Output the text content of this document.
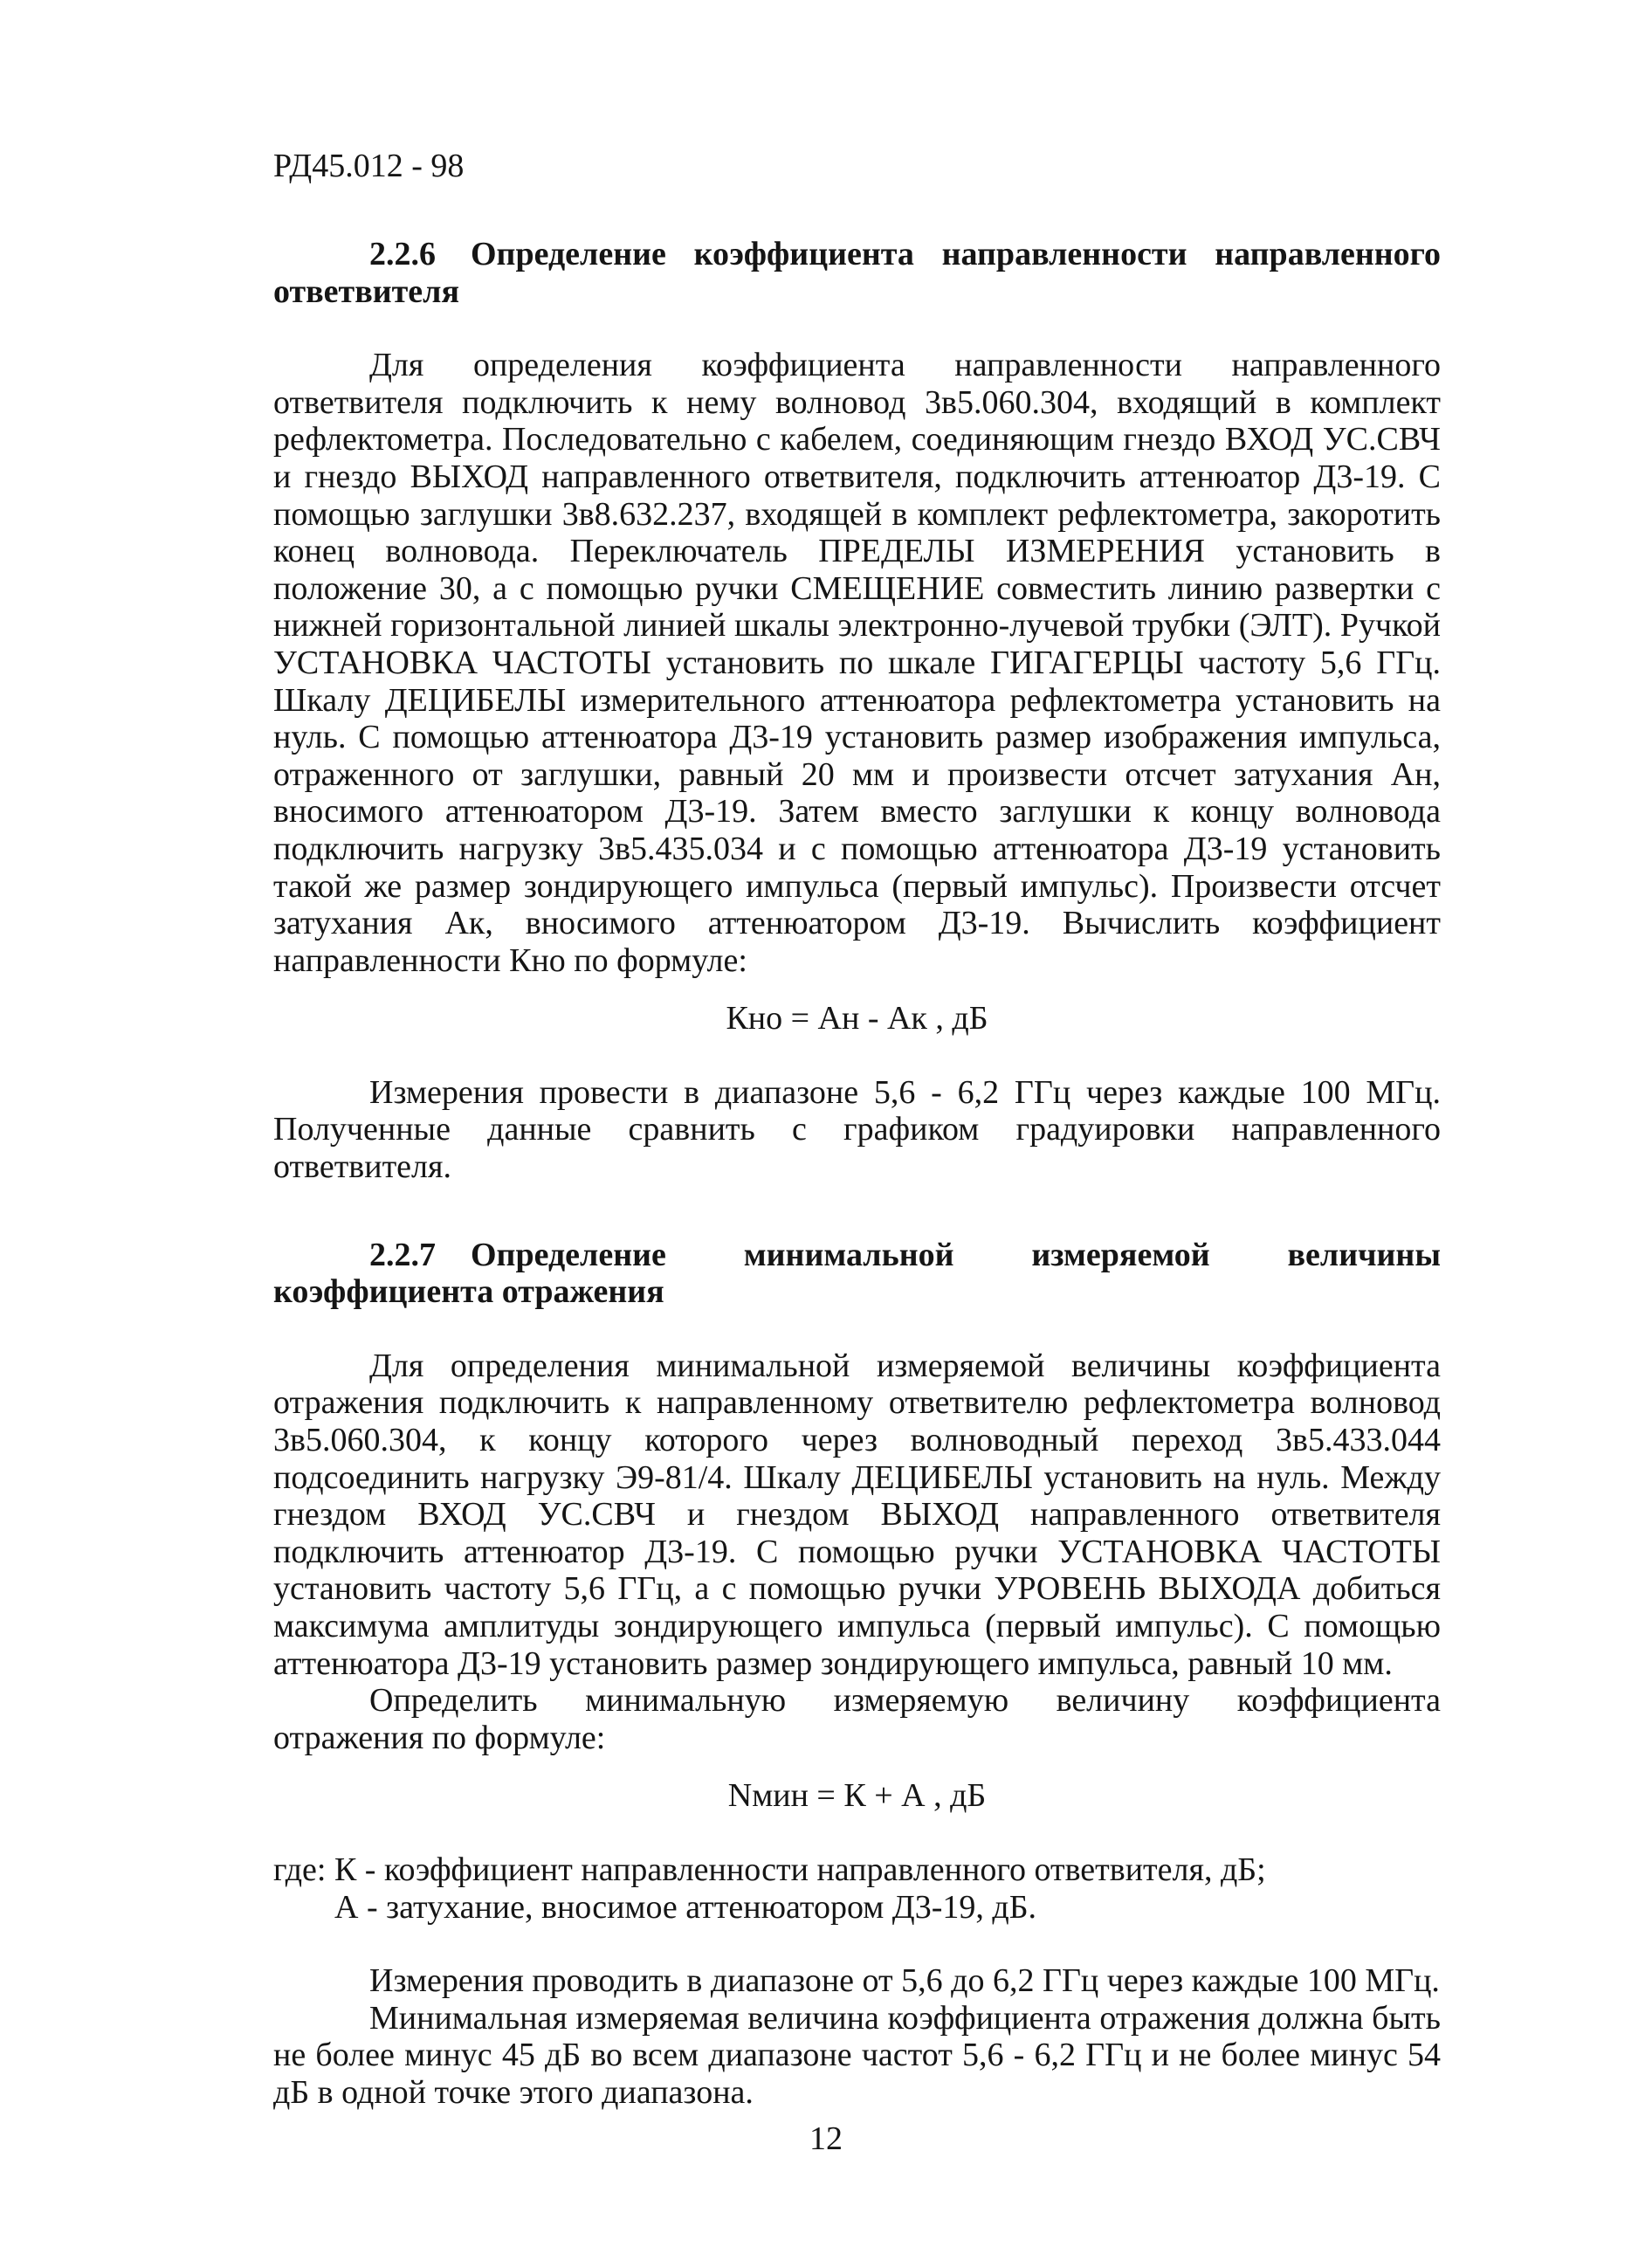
РД45.012 - 98

2.2.6 Определение коэффициента направленности направленного ответвителя

Для определения коэффициента направленности направленного ответвителя подключить к нему волновод 3в5.060.304, входящий в комплект рефлектометра. Последовательно с кабелем, соединяющим гнездо ВХОД УС.СВЧ и гнездо ВЫХОД направленного ответвителя, подключить аттенюатор Д3-19. С помощью заглушки 3в8.632.237, входящей в комплект рефлектометра, закоротить конец волновода. Переключатель ПРЕДЕЛЫ ИЗМЕРЕНИЯ установить в положение 30, а с помощью ручки СМЕЩЕНИЕ совместить линию развертки с нижней горизонтальной линией шкалы электронно-лучевой трубки (ЭЛТ). Ручкой УСТАНОВКА ЧАСТОТЫ установить по шкале ГИГАГЕРЦЫ частоту 5,6 ГГц. Шкалу ДЕЦИБЕЛЫ измерительного аттенюатора рефлектометра установить на нуль. С помощью аттенюатора Д3-19 установить размер изображения импульса, отраженного от заглушки, равный 20 мм и произвести отсчет затухания Ан, вносимого аттенюатором Д3-19. Затем вместо заглушки к концу волновода подключить нагрузку 3в5.435.034 и с помощью аттенюатора Д3-19 установить такой же размер зондирующего импульса (первый импульс). Произвести отсчет затухания Ак, вносимого аттенюатором Д3-19. Вычислить коэффициент направленности Кно по формуле:

Кно = Ан - Ак , дБ

Измерения провести в диапазоне 5,6 - 6,2 ГГц через каждые 100 МГц. Полученные данные сравнить с графиком градуировки направленного ответвителя.

2.2.7 Определение минимальной измеряемой величины коэффициента отражения

Для определения минимальной измеряемой величины коэффициента отражения подключить к направленному ответвителю рефлектометра волновод 3в5.060.304, к концу которого через волноводный переход 3в5.433.044 подсоединить нагрузку Э9-81/4. Шкалу ДЕЦИБЕЛЫ установить на нуль. Между гнездом ВХОД УС.СВЧ и гнездом ВЫХОД направленного ответвителя подключить аттенюатор Д3-19. С помощью ручки УСТАНОВКА ЧАСТОТЫ установить частоту 5,6 ГГц, а с помощью ручки УРОВЕНЬ ВЫХОДА добиться максимума амплитуды зондирующего импульса (первый импульс). С помощью аттенюатора Д3-19 установить размер зондирующего импульса, равный 10 мм.

Определить минимальную измеряемую величину коэффициента отражения по формуле:

Nмин = К + А , дБ

где: К - коэффициент направленности направленного ответвителя, дБ;
А - затухание, вносимое аттенюатором Д3-19, дБ.

Измерения проводить в диапазоне от 5,6 до 6,2 ГГц через каждые 100 МГц.

Минимальная измеряемая величина коэффициента отражения должна быть не более минус 45 дБ во всем диапазоне частот 5,6 - 6,2 ГГц и не более минус 54 дБ в одной точке этого диапазона.

12
